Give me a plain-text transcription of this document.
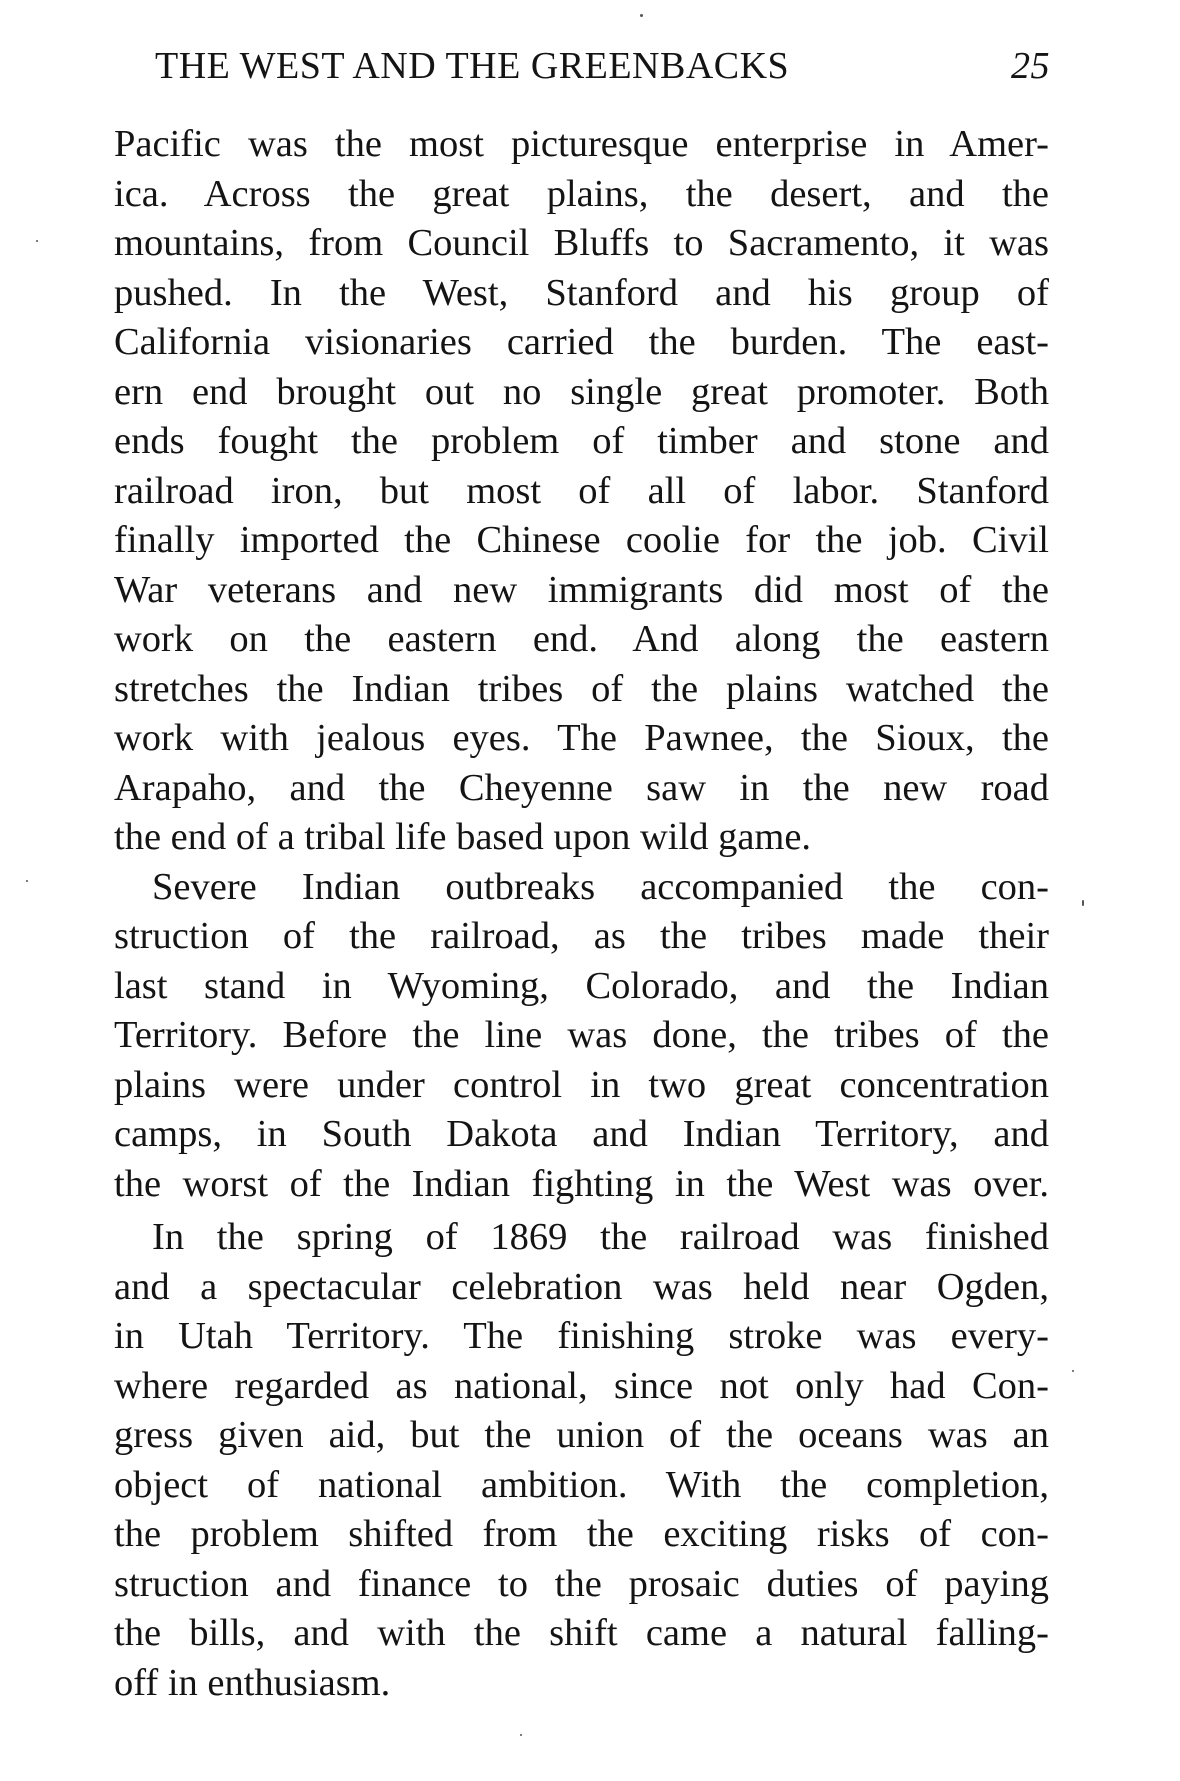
THE WEST AND THE GREENBACKS	25
Pacific was the most picturesque enterprise in Amer-
ica. Across the great plains, the desert, and the
mountains, from Council Bluffs to Sacramento, it was
pushed. In the West, Stanford and his group of
California visionaries carried the burden. The east-
ern end brought out no single great promoter. Both
ends fought the problem of timber and stone and
railroad iron, but most of all of labor. Stanford
finally imported the Chinese coolie for the job. Civil
War veterans and new immigrants did most of the
work on the eastern end. And along the eastern
stretches the Indian tribes of the plains watched the
work with jealous eyes. The Pawnee, the Sioux, the
Arapaho, and the Cheyenne saw in the new road
the end of a tribal life based upon wild game.
Severe Indian outbreaks accompanied the con-
struction of the railroad, as the tribes made their
last stand in Wyoming, Colorado, and the Indian
Territory. Before the line was done, the tribes of the
plains were under control in two great concentration
camps, in South Dakota and Indian Territory, and
the worst of the Indian fighting in the West was over.
In the spring of 1869 the railroad was finished
and a spectacular celebration was held near Ogden,
in Utah Territory. The finishing stroke was every-
where regarded as national, since not only had Con-
gress given aid, but the union of the oceans was an
object of national ambition. With the completion,
the problem shifted from the exciting risks of con-
struction and finance to the prosaic duties of paying
the bills, and with the shift came a natural falling-
off in enthusiasm.
